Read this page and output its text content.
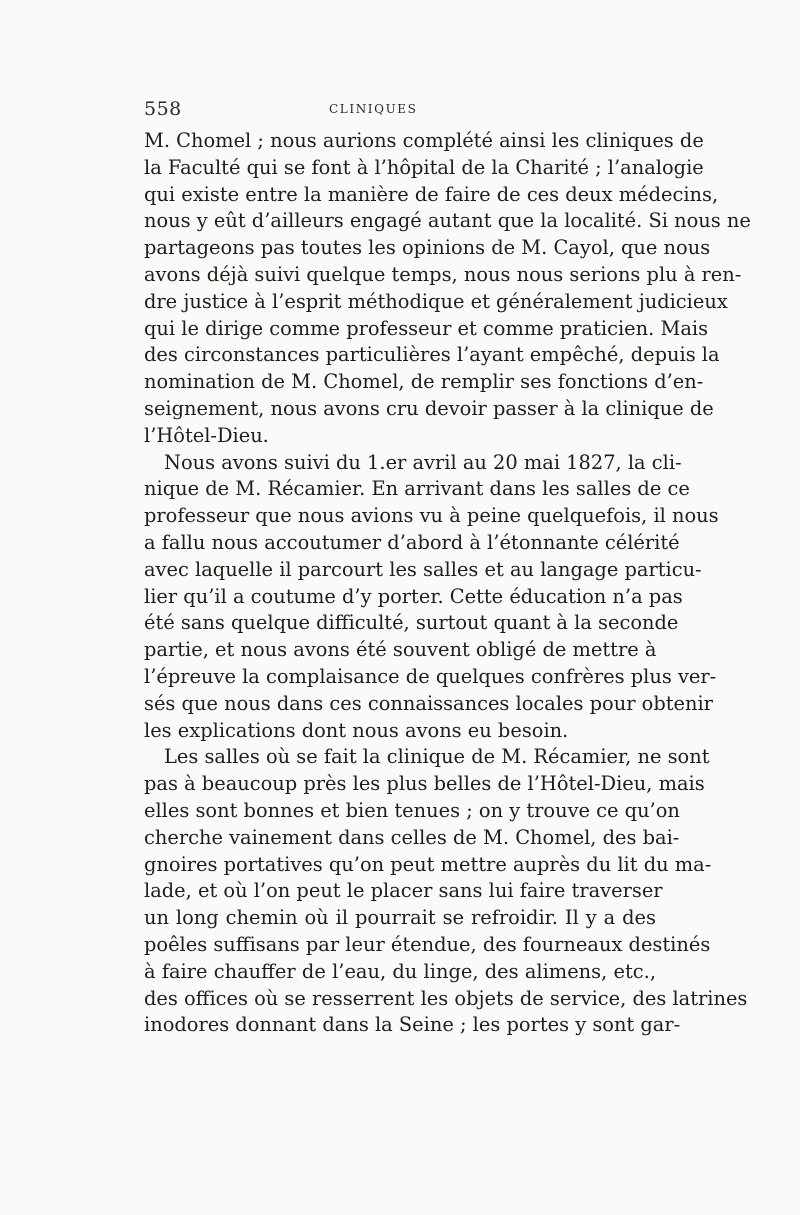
558	CLINIQUES
M. Chomel ; nous aurions complété ainsi les cliniques de
la Faculté qui se font à l’hôpital de la Charité ; l’analogie
qui existe entre la manière de faire de ces deux médecins,
nous y eût d’ailleurs engagé autant que la localité. Si nous ne
partageons pas toutes les opinions de M. Cayol, que nous
avons déjà suivi quelque temps, nous nous serions plu à ren-
dre justice à l’esprit méthodique et généralement judicieux
qui le dirige comme professeur et comme praticien. Mais
des circonstances particulières l’ayant empêché, depuis la
nomination de M. Chomel, de remplir ses fonctions d’en-
seignement, nous avons cru devoir passer à la clinique de
l’Hôtel-Dieu.
Nous avons suivi du 1.er avril au 20 mai 1827, la cli-
nique de M. Récamier. En arrivant dans les salles de ce
professeur que nous avions vu à peine quelquefois, il nous
a fallu nous accoutumer d’abord à l’étonnante célérité
avec laquelle il parcourt les salles et au langage particu-
lier qu’il a coutume d’y porter. Cette éducation n’a pas
été sans quelque difficulté, surtout quant à la seconde
partie, et nous avons été souvent obligé de mettre à
l’épreuve la complaisance de quelques confrères plus ver-
sés que nous dans ces connaissances locales pour obtenir
les explications dont nous avons eu besoin.
Les salles où se fait la clinique de M. Récamier, ne sont
pas à beaucoup près les plus belles de l’Hôtel-Dieu, mais
elles sont bonnes et bien tenues ; on y trouve ce qu’on
cherche vainement dans celles de M. Chomel, des bai-
gnoires portatives qu’on peut mettre auprès du lit du ma-
lade, et où l’on peut le placer sans lui faire traverser
un long chemin où il pourrait se refroidir. Il y a des
poêles suffisans par leur étendue, des fourneaux destinés
à faire chauffer de l’eau, du linge, des alimens, etc.,
des offices où se resserrent les objets de service, des latrines
inodores donnant dans la Seine ; les portes y sont gar-
